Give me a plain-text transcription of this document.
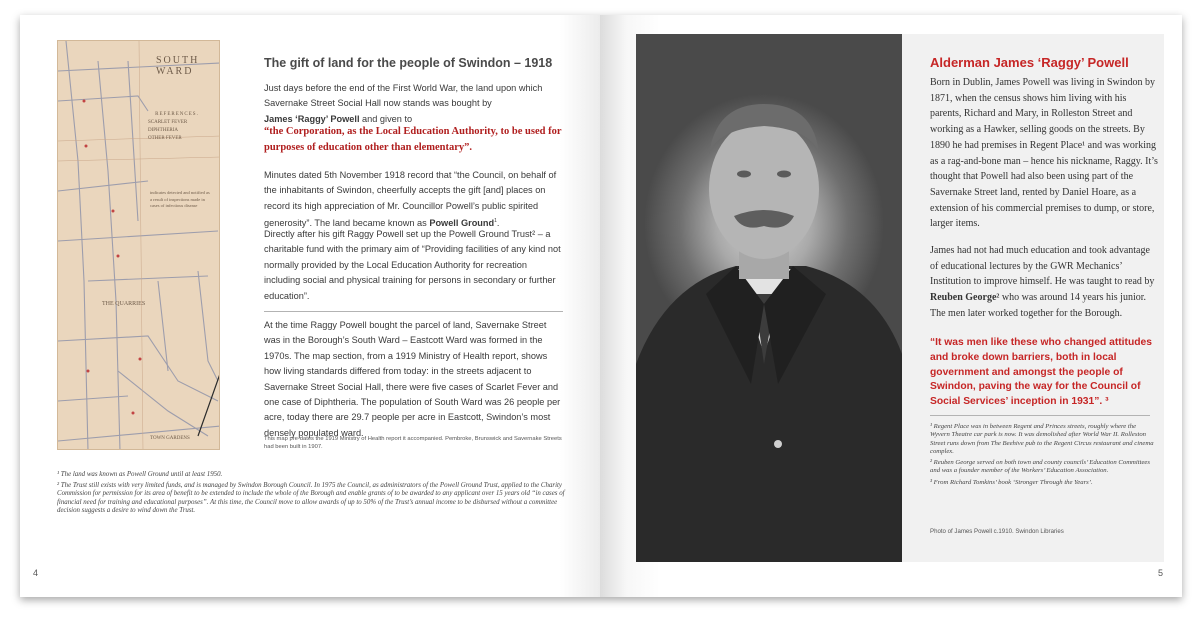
SOUTH WARD
REFERENCES.
SCARLET FEVER
DIPHTHERIA
OTHER FEVER
indicates detected and notified as a result of inspections made in cases of infectious disease
THE QUARRIES
TOWN GARDENS
The gift of land for the people of Swindon – 1918
Just days before the end of the First World War, the land upon which Savernake Street Social Hall now stands was bought by
James ‘Raggy’ Powell and given to
“the Corporation, as the Local Education Authority, to be used for purposes of education other than elementary”.
Minutes dated 5th November 1918 record that “the Council, on behalf of the inhabitants of Swindon, cheerfully accepts the gift [and] places on record its high appreciation of Mr. Councillor Powell’s public spirited generosity”. The land became known as Powell Ground$^1$.
Directly after his gift Raggy Powell set up the Powell Ground Trust² – a charitable fund with the primary aim of “Providing facilities of any kind not normally provided by the Local Education Authority for recreation including social and physical training for persons in secondary or further education”.
At the time Raggy Powell bought the parcel of land, Savernake Street was in the Borough’s South Ward – Eastcott Ward was formed in the 1970s. The map section, from a 1919 Ministry of Health report, shows how living standards differed from today: in the streets adjacent to Savernake Street Social Hall, there were five cases of Scarlet Fever and one case of Diphtheria. The population of South Ward was 26 people per acre, today there are 29.7 people per acre in Eastcott, Swindon’s most densely populated ward.
This map pre-dates the 1919 Ministry of Health report it accompanied. Pembroke, Brunswick and Savernake Streets had been built in 1907.

¹ The land was known as Powell Ground until at least 1950.

² The Trust still exists with very limited funds, and is managed by Swindon Borough Council. In 1975 the Council, as administrators of the Powell Ground Trust, applied to the Charity Commission for permission for its area of benefit to be extended to include the whole of the Borough and enable grants of to be awarded to any applicant over 15 years old “in cases of financial need for training and educational purposes”. At this time, the Council move to allow awards of up to 50% of the Trust’s annual income to be disbursed without a committee decision suggests a desire to wind down the Trust.

4
Alderman James ‘Raggy’ Powell
Born in Dublin, James Powell was living in Swindon by 1871, when the census shows him living with his parents, Richard and Mary, in Rolleston Street and working as a Hawker, selling goods on the streets. By 1890 he had premises in Regent Place¹ and was working as a rag-and-bone man – hence his nickname, Raggy. It’s thought that Powell had also been using part of the Savernake Street land, rented by Daniel Hoare, as a extension of his commercial premises to dump, or store, larger items.
James had not had much education and took advantage of educational lectures by the GWR Mechanics’ Institution to improve himself. He was taught to read by Reuben George² who was around 14 years his junior. The men later worked together for the Borough.
“It was men like these who changed attitudes and broke down barriers, both in local government and amongst the people of Swindon, paving the way for the Council of Social Services’ inception in 1931”. ³

¹ Regent Place was in between Regent and Princes streets, roughly where the Wyvern Theatre car park is now. It was demolished after World War II. Rolleston Street runs down from The Beehive pub to the Regent Circus restaurant and cinema complex.

² Reuben George served on both town and county councils’ Education Committees and was a founder member of the Workers’ Education Association.

³ From Richard Tomkins’ book ‘Stronger Through the Years’.

Photo of James Powell c.1910. Swindon Libraries
5
